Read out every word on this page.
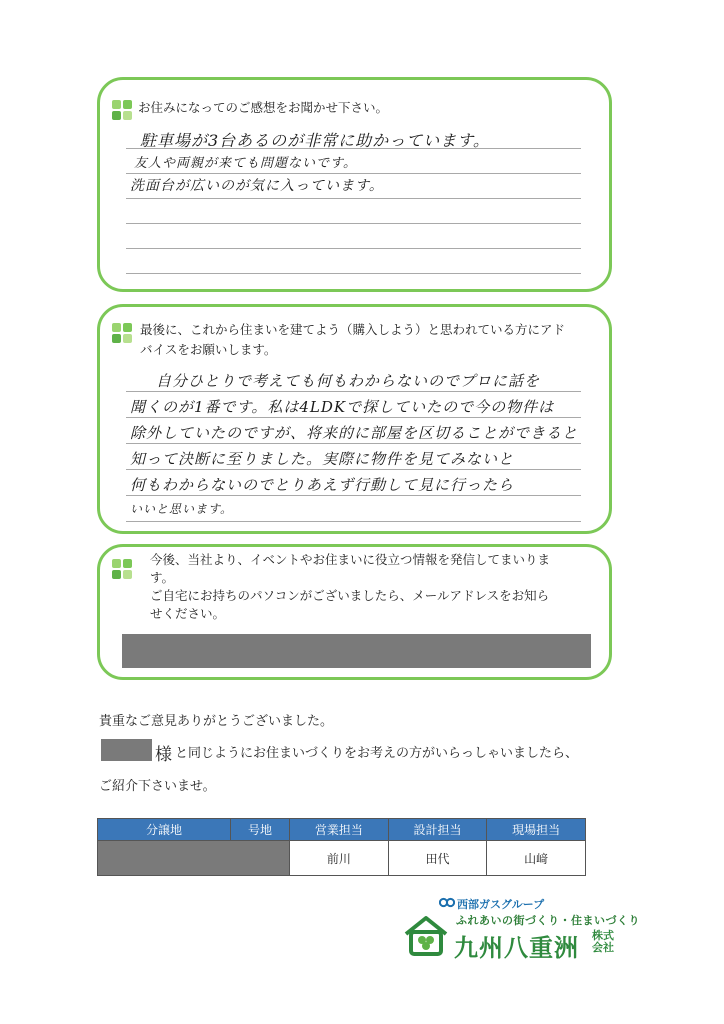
お住みになってのご感想をお聞かせ下さい。
駐車場が3台あるのが非常に助かっています。
友人や両親が来ても問題ないです。
洗面台が広いのが気に入っています。
最後に、これから住まいを建てよう（購入しよう）と思われている方にアド
バイスをお願いします。
自分ひとりで考えても何もわからないのでプロに話を
聞くのが1番です。私は4LDKで探していたので今の物件は
除外していたのですが、将来的に部屋を区切ることができると
知って決断に至りました。実際に物件を見てみないと
何もわからないのでとりあえず行動して見に行ったら
いいと思います。
今後、当社より、イベントやお住まいに役立つ情報を発信してまいりま
す。
ご自宅にお持ちのパソコンがございましたら、メールアドレスをお知ら
せください。
貴重なご意見ありがとうございました。
様 と同じようにお住まいづくりをお考えの方がいらっしゃいましたら、
ご紹介下さいませ。
分譲地	号地	営業担当	設計担当	現場担当
		前川	田代	山﨑
西部ガスグループ
ふれあいの街づくり・住まいづくり
九州八重洲 株式会社
